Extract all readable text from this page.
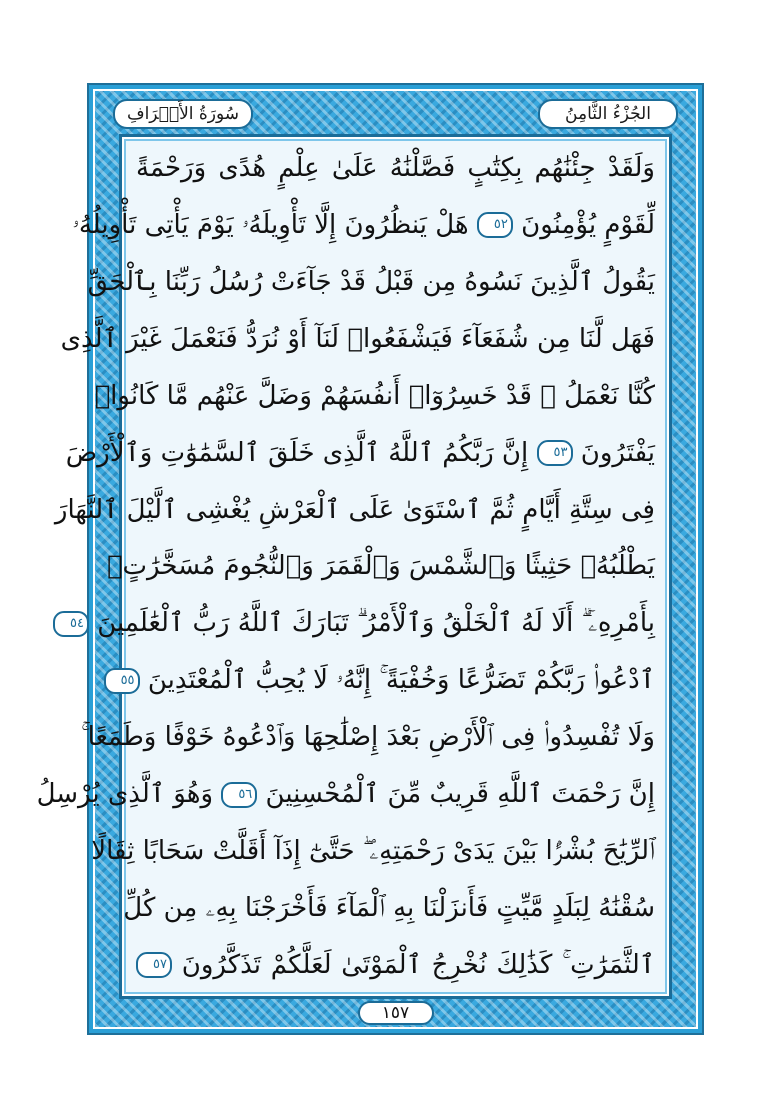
الجُزْءُ الثَّامِنُ
سُورَةُ الأَعۡرَافِ
وَلَقَدْ جِئْنَٰهُم بِكِتَٰبٍ فَصَّلْنَٰهُ عَلَىٰ عِلْمٍ هُدًى وَرَحْمَةً
لِّقَوْمٍ يُؤْمِنُونَ ٥٢ هَلْ يَنظُرُونَ إِلَّا تَأْوِيلَهُۥ يَوْمَ يَأْتِى تَأْوِيلُهُۥ
يَقُولُ ٱلَّذِينَ نَسُوهُ مِن قَبْلُ قَدْ جَآءَتْ رُسُلُ رَبِّنَا بِٱلْحَقِّ
فَهَل لَّنَا مِن شُفَعَآءَ فَيَشْفَعُوا۟ لَنَآ أَوْ نُرَدُّ فَنَعْمَلَ غَيْرَ ٱلَّذِى
كُنَّا نَعْمَلُ ۚ قَدْ خَسِرُوٓا۟ أَنفُسَهُمْ وَضَلَّ عَنْهُم مَّا كَانُوا۟
يَفْتَرُونَ ٥٣ إِنَّ رَبَّكُمُ ٱللَّهُ ٱلَّذِى خَلَقَ ٱلسَّمَٰوَٰتِ وَٱلْأَرْضَ
فِى سِتَّةِ أَيَّامٍ ثُمَّ ٱسْتَوَىٰ عَلَى ٱلْعَرْشِ يُغْشِى ٱلَّيْلَ ٱلنَّهَارَ
يَطْلُبُهُۥ حَثِيثًا وَٱلشَّمْسَ وَٱلْقَمَرَ وَٱلنُّجُومَ مُسَخَّرَٰتٍۭ
بِأَمْرِهِۦٓ ۗ أَلَا لَهُ ٱلْخَلْقُ وَٱلْأَمْرُ ۗ تَبَارَكَ ٱللَّهُ رَبُّ ٱلْعَٰلَمِينَ ٥٤
ٱدْعُوا۟ رَبَّكُمْ تَضَرُّعًا وَخُفْيَةً ۚ إِنَّهُۥ لَا يُحِبُّ ٱلْمُعْتَدِينَ ٥٥
وَلَا تُفْسِدُوا۟ فِى ٱلْأَرْضِ بَعْدَ إِصْلَٰحِهَا وَٱدْعُوهُ خَوْفًا وَطَمَعًا ۚ
إِنَّ رَحْمَتَ ٱللَّهِ قَرِيبٌ مِّنَ ٱلْمُحْسِنِينَ ٥٦ وَهُوَ ٱلَّذِى يُرْسِلُ
ٱلرِّيَٰحَ بُشْرًۢا بَيْنَ يَدَىْ رَحْمَتِهِۦ ۖ حَتَّىٰٓ إِذَآ أَقَلَّتْ سَحَابًا ثِقَالًا
سُقْنَٰهُ لِبَلَدٍ مَّيِّتٍ فَأَنزَلْنَا بِهِ ٱلْمَآءَ فَأَخْرَجْنَا بِهِۦ مِن كُلِّ
ٱلثَّمَرَٰتِ ۚ كَذَٰلِكَ نُخْرِجُ ٱلْمَوْتَىٰ لَعَلَّكُمْ تَذَكَّرُونَ ٥٧
١٥٧
